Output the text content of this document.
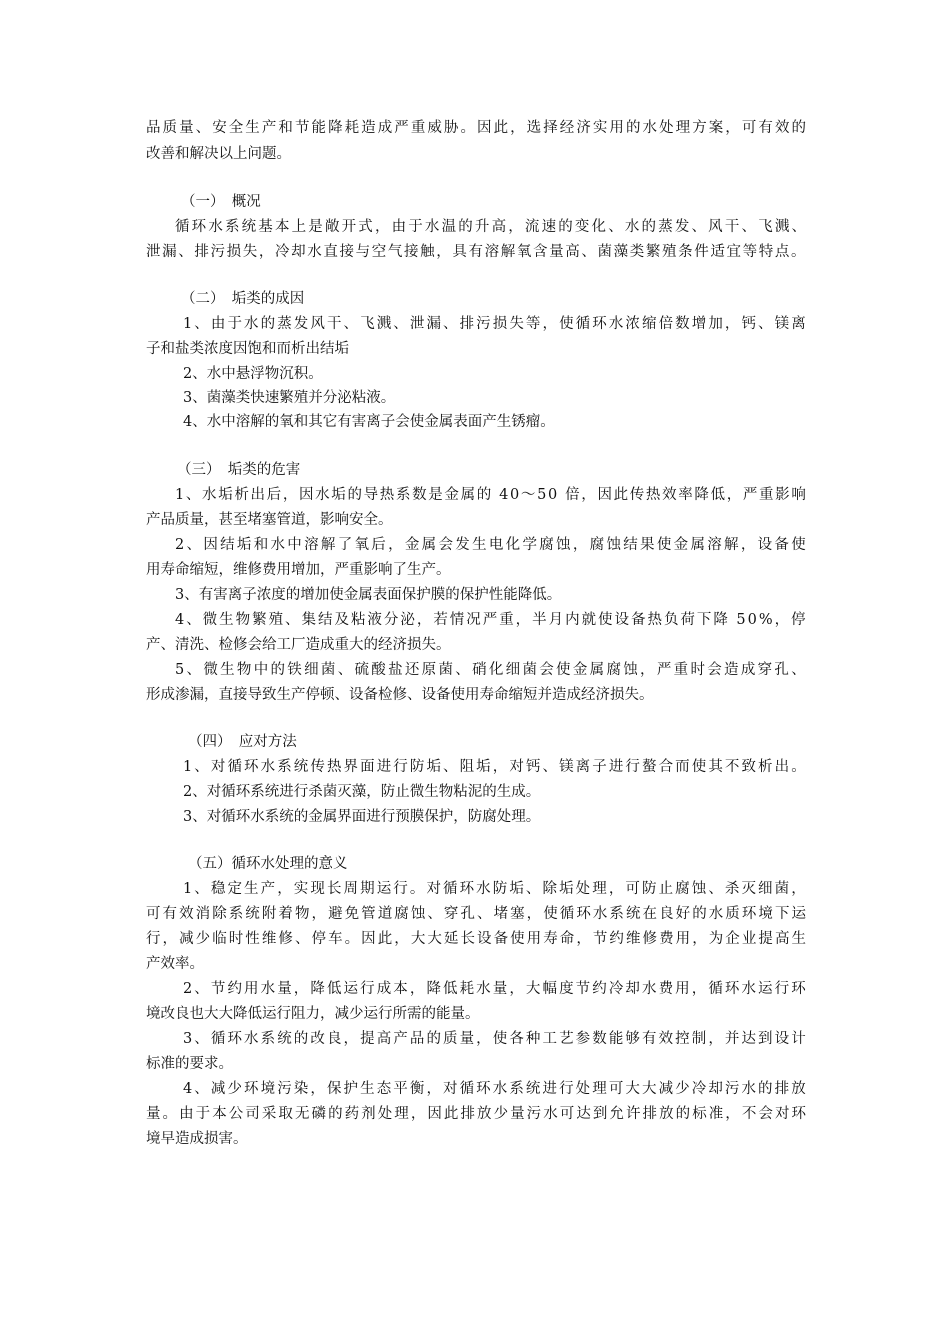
品质量、安全生产和节能降耗造成严重威胁。因此，选择经济实用的水处理方案，可有效的
改善和解决以上问题。
（一）　概况
循环水系统基本上是敞开式，由于水温的升高，流速的变化、水的蒸发、风干、飞溅、
泄漏、排污损失，冷却水直接与空气接触，具有溶解氧含量高、菌藻类繁殖条件适宜等特点。
（二）　垢类的成因
1、由于水的蒸发风干、飞溅、泄漏、排污损失等，使循环水浓缩倍数增加，钙、镁离
子和盐类浓度因饱和而析出结垢
2、水中悬浮物沉积。
3、菌藻类快速繁殖并分泌粘液。
4、水中溶解的氧和其它有害离子会使金属表面产生锈瘤。
（三）　垢类的危害
1、水垢析出后，因水垢的导热系数是金属的 40～50 倍，因此传热效率降低，严重影响
产品质量，甚至堵塞管道，影响安全。
2、因结垢和水中溶解了氧后，金属会发生电化学腐蚀，腐蚀结果使金属溶解，设备使
用寿命缩短，维修费用增加，严重影响了生产。
3、有害离子浓度的增加使金属表面保护膜的保护性能降低。
4、微生物繁殖、集结及粘液分泌，若情况严重，半月内就使设备热负荷下降 50%，停
产、清洗、检修会给工厂造成重大的经济损失。
5、微生物中的铁细菌、硫酸盐还原菌、硝化细菌会使金属腐蚀，严重时会造成穿孔、
形成渗漏，直接导致生产停顿、设备检修、设备使用寿命缩短并造成经济损失。
（四）　应对方法
1、对循环水系统传热界面进行防垢、阻垢，对钙、镁离子进行螯合而使其不致析出。
2、对循环系统进行杀菌灭藻，防止微生物粘泥的生成。
3、对循环水系统的金属界面进行预膜保护，防腐处理。
（五）循环水处理的意义
1、稳定生产，实现长周期运行。对循环水防垢、除垢处理，可防止腐蚀、杀灭细菌，
可有效消除系统附着物，避免管道腐蚀、穿孔、堵塞，使循环水系统在良好的水质环境下运
行，减少临时性维修、停车。因此，大大延长设备使用寿命，节约维修费用，为企业提高生
产效率。
2、节约用水量，降低运行成本，降低耗水量，大幅度节约冷却水费用，循环水运行环
境改良也大大降低运行阻力，减少运行所需的能量。
3、循环水系统的改良，提高产品的质量，使各种工艺参数能够有效控制，并达到设计
标准的要求。
4、减少环境污染，保护生态平衡，对循环水系统进行处理可大大减少冷却污水的排放
量。由于本公司采取无磷的药剂处理，因此排放少量污水可达到允许排放的标准，不会对环
境早造成损害。
